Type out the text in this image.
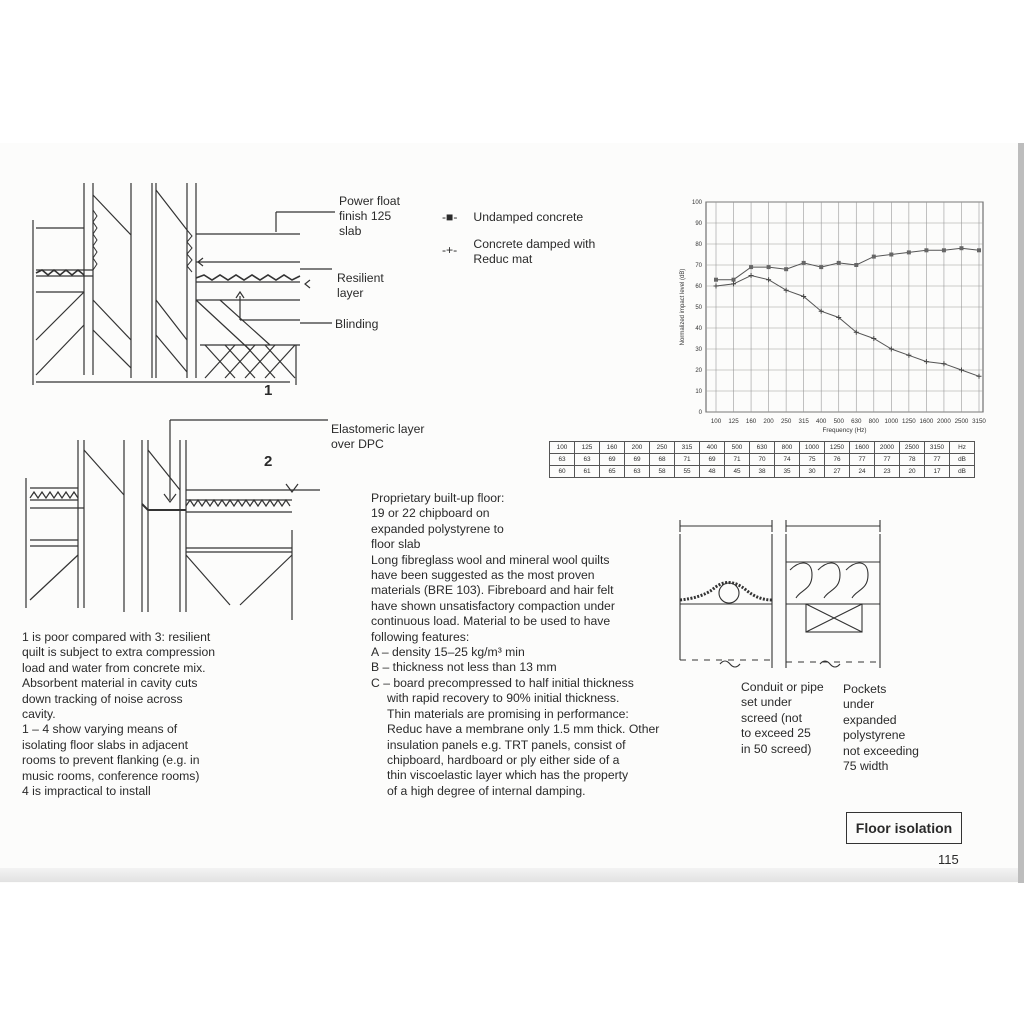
1
Power float
finish 125
slab
Resilient
layer
Blinding
2
Elastomeric layer
over DPC
-■- Undamped concrete
-+- Concrete damped with
Reduc mat
0
10
20
30
40
50
60
70
80
90
100
100 125 160 200 250 315 400 500 630 800 1000 1250 1600 2000 2500 3150
Frequency (Hz)
Normalized impact level (dB)
100	125	160	200	250	315	400	500	630	800	1000	1250	1600	2000	2500	3150	Hz
63	63	69	69	68	71	69	71	70	74	75	76	77	77	78	77	dB
60	61	65	63	58	55	48	45	38	35	30	27	24	23	20	17	dB
1 is poor compared with 3: resilient
quilt is subject to extra compression
load and water from concrete mix.
Absorbent material in cavity cuts
down tracking of noise across
cavity.
1 – 4 show varying means of
isolating floor slabs in adjacent
rooms to prevent flanking (e.g. in
music rooms, conference rooms)
4 is impractical to install
Proprietary built-up floor:
19 or 22 chipboard on
expanded polystyrene to
floor slab
Long fibreglass wool and mineral wool quilts
have been suggested as the most proven
materials (BRE 103). Fibreboard and hair felt
have shown unsatisfactory compaction under
continuous load. Material to be used to have
following features:
A – density 15–25 kg/m³ min
B – thickness not less than 13 mm
C – board precompressed to half initial thickness
with rapid recovery to 90% initial thickness.
Thin materials are promising in performance:
Reduc have a membrane only 1.5 mm thick. Other
insulation panels e.g. TRT panels, consist of
chipboard, hardboard or ply either side of a
thin viscoelastic layer which has the property
of a high degree of internal damping.
Conduit or pipe
set under
screed (not
to exceed 25
in 50 screed)
Pockets
under
expanded
polystyrene
not exceeding
75 width
Floor isolation
115
